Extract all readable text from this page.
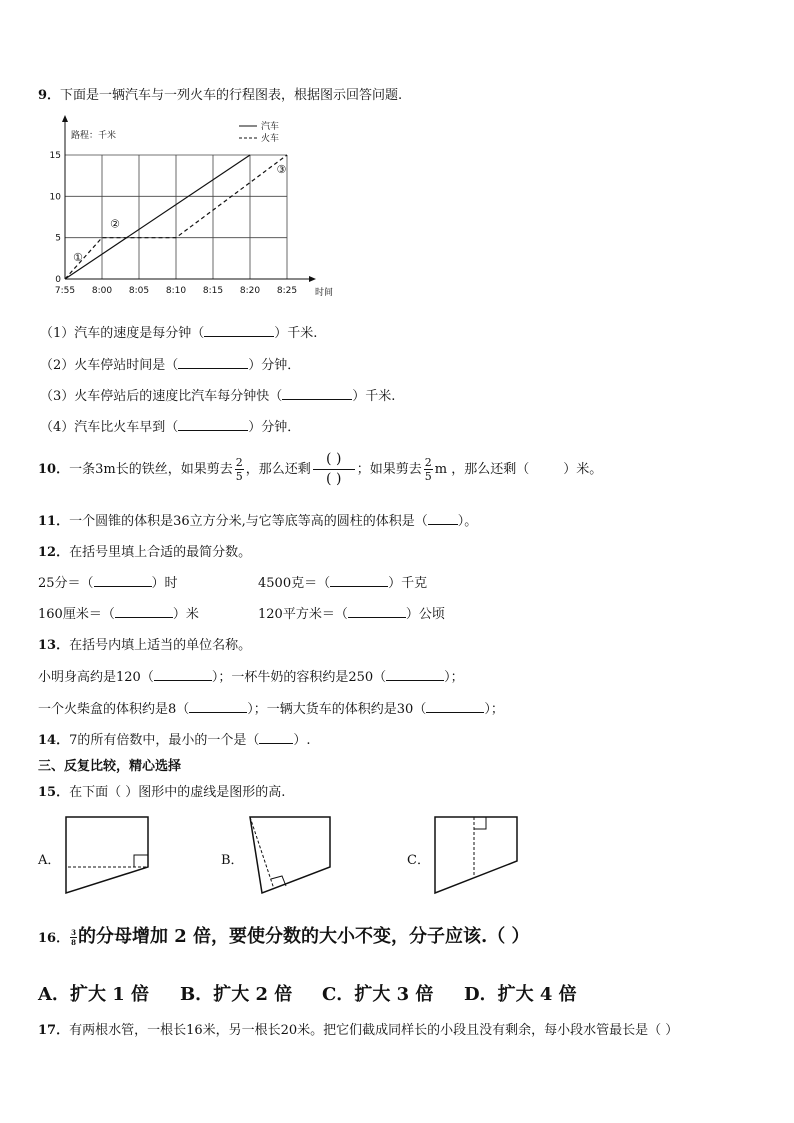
9．下面是一辆汽车与一列火车的行程图表，根据图示回答问题.
7:55 8:00 8:05 8:10 8:15 8:20 8:25
0
5
10
15
路程：千米
时间
汽车
火车
①
②
③
（1）汽车的速度是每分钟（	）千米.
（2）火车停站时间是（	）分钟．
（3）火车停站后的速度比汽车每分钟快（	）千米.
（4）汽车比火车早到（	）分钟．
10．一条3m长的铁丝，如果剪去 $\frac{2}{5}$ ，那么还剩 $\frac{( )}{( )}$ ；如果剪去 $\frac{2}{5}$ m ，那么还剩（	）米。
11．一个圆锥的体积是36立方分米,与它等底等高的圆柱的体积是（ ）。
12．在括号里填上合适的最简分数。
25分＝（	）时	4500克＝（	）千克
160厘米＝（	）米	120平方米＝（	）公顷
13．在括号内填上适当的单位名称。
小明身高约是120（	）；一杯牛奶的容积约是250（	）；
一个火柴盒的体积约是8（	）；一辆大货车的体积约是30（	）；
14．7的所有倍数中，最小的一个是（	）.
三、反复比较，精心选择
15．在下面（ ）图形中的虚线是图形的高.
A．	B．	C．
16． $\frac{3}{8}$ 的分母增加 2 倍，要使分数的大小不变，分子应该.（ ）
A．扩大 1 倍 B．扩大 2 倍 C．扩大 3 倍 D．扩大 4 倍
17．有两根水管，一根长16米，另一根长20米。把它们截成同样长的小段且没有剩余，每小段水管最长是（ ）
